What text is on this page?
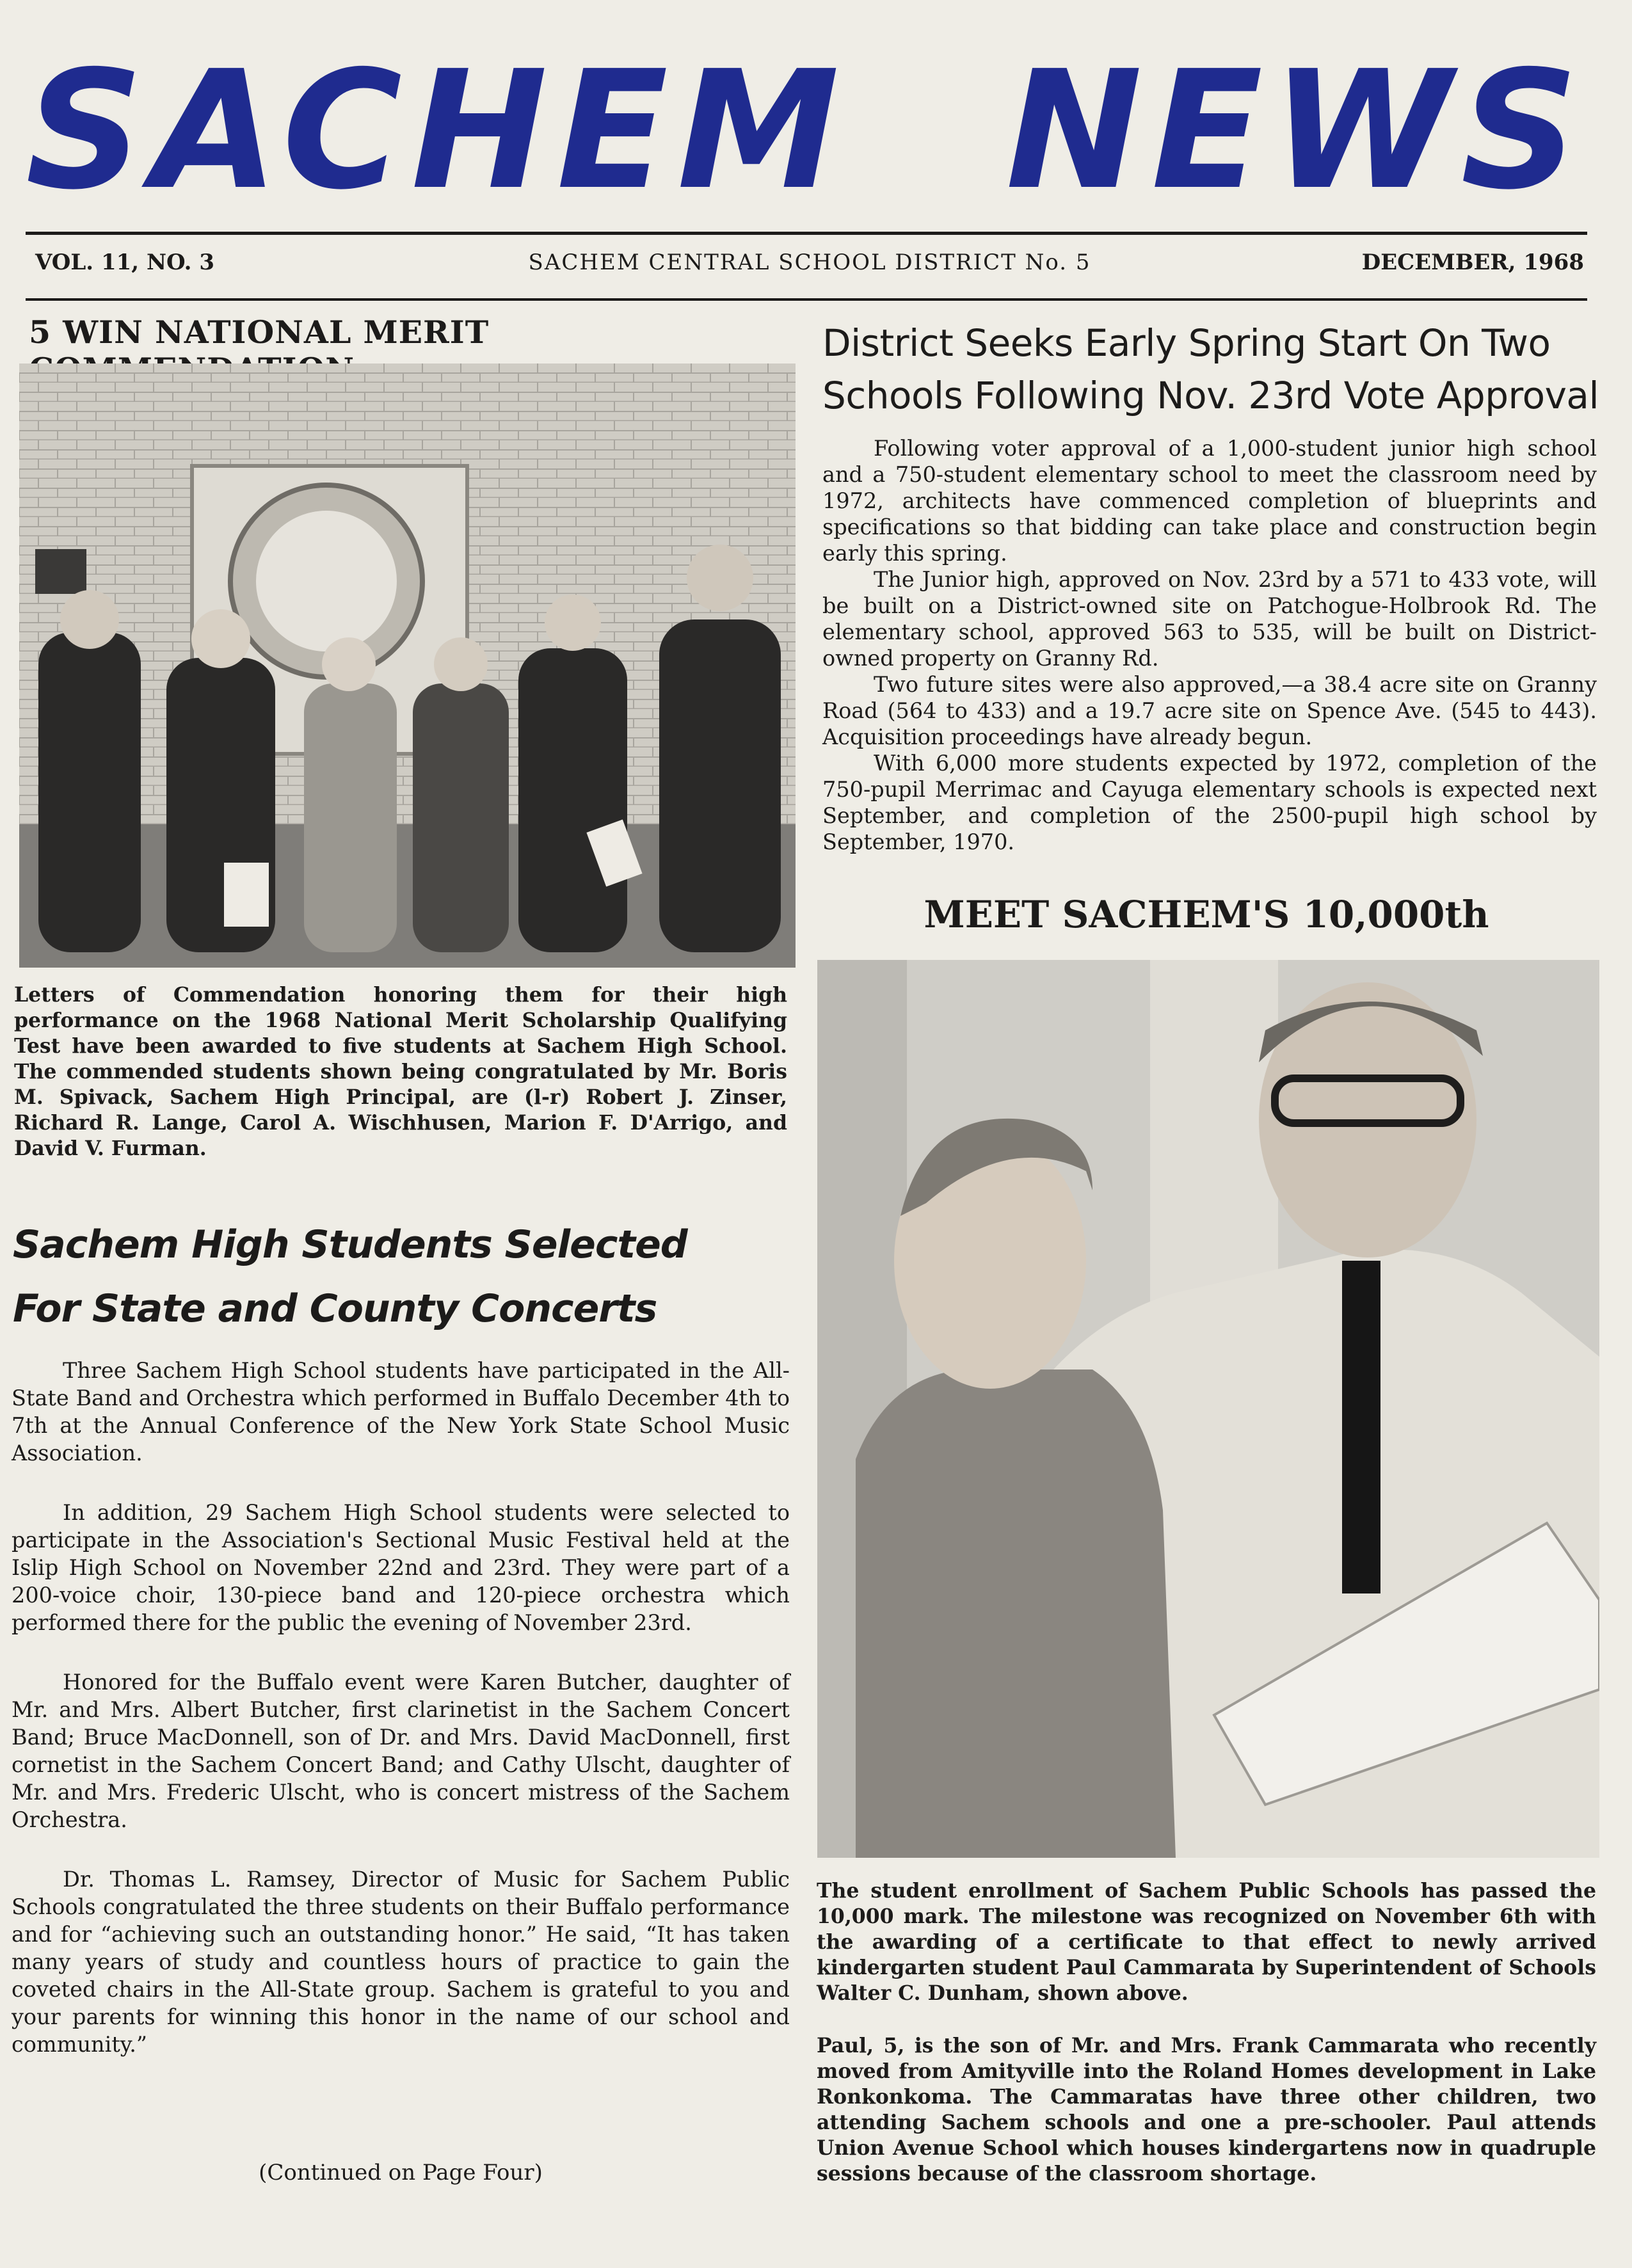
SACHEM NEWS
VOL. 11, NO. 3	SACHEM CENTRAL SCHOOL DISTRICT No. 5	DECEMBER, 1968
5 WIN NATIONAL MERIT
Letters of Commendation honoring them for their high performance on the 1968 National Merit Scholarship Qualifying Test have been awarded to five students at Sachem High School. The commended students shown being congratulated by Mr. Boris M. Spivack, Sachem High Principal, are (l-r) Robert J. Zinser, Richard R. Lange, Carol A. Wischhusen, Marion F. D'Arrigo, and David V. Furman.
Sachem High Students Selected
For State and County Concerts

Three Sachem High School students have participated in the All-State Band and Orchestra which performed in Buffalo December 4th to 7th at the Annual Conference of the New York State School Music Association.

In addition, 29 Sachem High School students were selected to participate in the Association's Sectional Music Festival held at the Islip High School on November 22nd and 23rd. They were part of a 200-voice choir, 130-piece band and 120-piece orchestra which performed there for the public the evening of November 23rd.

Honored for the Buffalo event were Karen Butcher, daughter of Mr. and Mrs. Albert Butcher, first clarinetist in the Sachem Concert Band; Bruce MacDonnell, son of Dr. and Mrs. David MacDonnell, first cornetist in the Sachem Concert Band; and Cathy Ulscht, daughter of Mr. and Mrs. Frederic Ulscht, who is concert mistress of the Sachem Orchestra.

Dr. Thomas L. Ramsey, Director of Music for Sachem Public Schools congratulated the three students on their Buffalo performance and for “achieving such an outstanding honor.” He said, “It has taken many years of study and countless hours of practice to gain the coveted chairs in the All-State group. Sachem is grateful to you and your parents for winning this honor in the name of our school and community.”

(Continued on Page Four)
District Seeks Early Spring Start On Two
Schools Following Nov. 23rd Vote Approval

Following voter approval of a 1,000-student junior high school and a 750-student elementary school to meet the classroom need by 1972, architects have commenced completion of blueprints and specifications so that bidding can take place and construction begin early this spring.

The Junior high, approved on Nov. 23rd by a 571 to 433 vote, will be built on a District-owned site on Patchogue-Holbrook Rd. The elementary school, approved 563 to 535, will be built on District-owned property on Granny Rd.

Two future sites were also approved,—a 38.4 acre site on Granny Road (564 to 433) and a 19.7 acre site on Spence Ave. (545 to 443). Acquisition proceedings have already begun.

With 6,000 more students expected by 1972, completion of the 750-pupil Merrimac and Cayuga elementary schools is expected next September, and completion of the 2500-pupil high school by September, 1970.

MEET SACHEM'S 10,000th
The student enrollment of Sachem Public Schools has passed the 10,000 mark. The milestone was recognized on November 6th with the awarding of a certificate to that effect to newly arrived kindergarten student Paul Cammarata by Superintendent of Schools Walter C. Dunham, shown above.
Paul, 5, is the son of Mr. and Mrs. Frank Cammarata who recently moved from Amityville into the Roland Homes development in Lake Ronkonkoma. The Cammaratas have three other children, two attending Sachem schools and one a pre-schooler. Paul attends Union Avenue School which houses kindergartens now in quadruple sessions because of the classroom shortage.
